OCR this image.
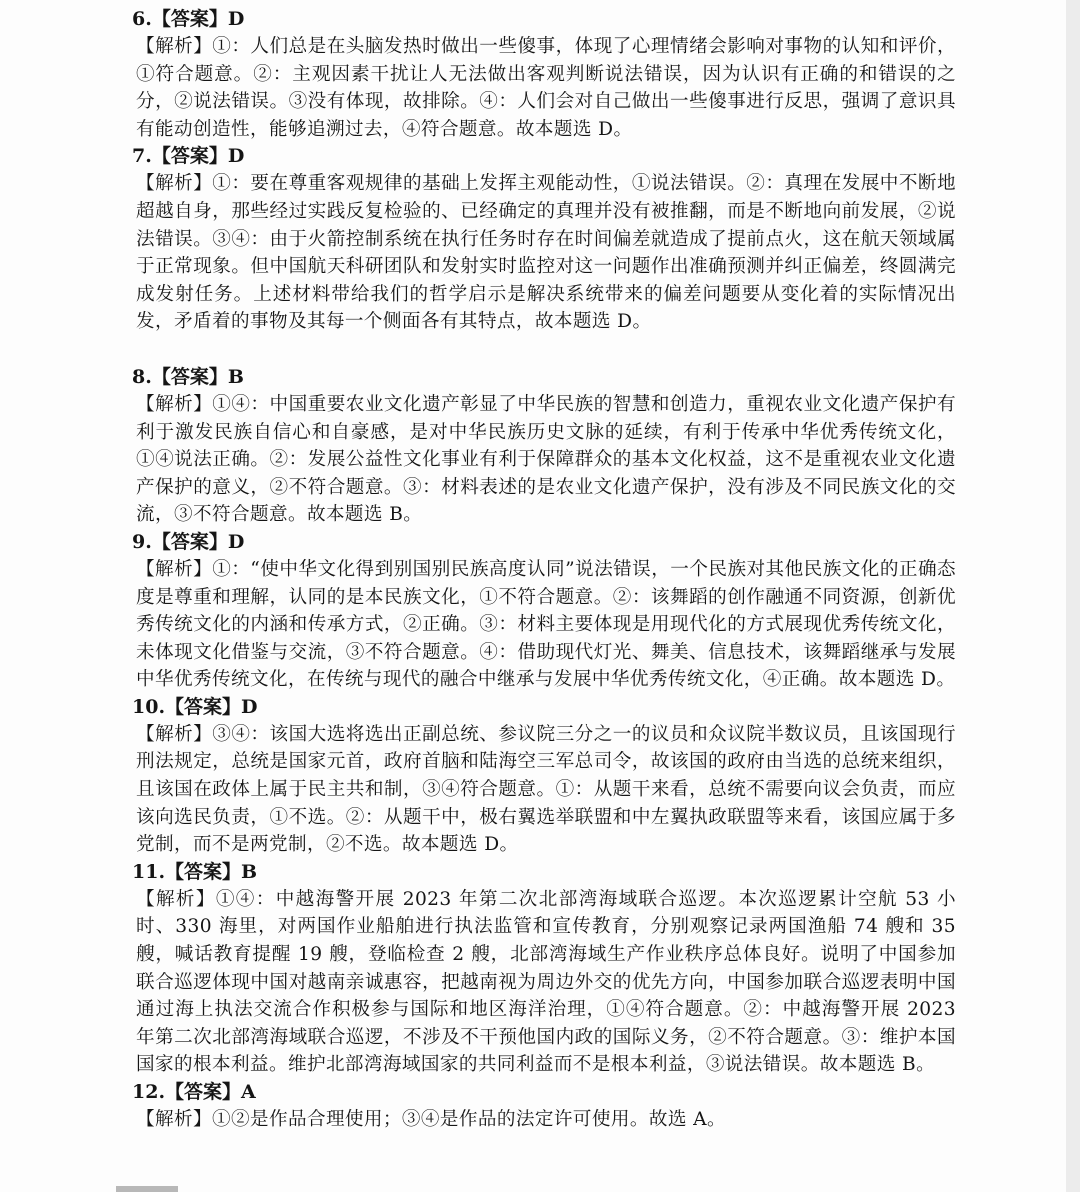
6.【答案】D
【解析】①：人们总是在头脑发热时做出一些傻事，体现了心理情绪会影响对事物的认知和评价，①符合题意。②：主观因素干扰让人无法做出客观判断说法错误，因为认识有正确的和错误的之分，②说法错误。③没有体现，故排除。④：人们会对自己做出一些傻事进行反思，强调了意识具有能动创造性，能够追溯过去，④符合题意。故本题选 D。
7.【答案】D
【解析】①：要在尊重客观规律的基础上发挥主观能动性，①说法错误。②：真理在发展中不断地超越自身，那些经过实践反复检验的、已经确定的真理并没有被推翻，而是不断地向前发展，②说法错误。③④：由于火箭控制系统在执行任务时存在时间偏差就造成了提前点火，这在航天领域属于正常现象。但中国航天科研团队和发射实时监控对这一问题作出准确预测并纠正偏差，终圆满完成发射任务。上述材料带给我们的哲学启示是解决系统带来的偏差问题要从变化着的实际情况出发，矛盾着的事物及其每一个侧面各有其特点，故本题选 D。
8.【答案】B
【解析】①④：中国重要农业文化遗产彰显了中华民族的智慧和创造力，重视农业文化遗产保护有利于激发民族自信心和自豪感，是对中华民族历史文脉的延续，有利于传承中华优秀传统文化，①④说法正确。②：发展公益性文化事业有利于保障群众的基本文化权益，这不是重视农业文化遗产保护的意义，②不符合题意。③：材料表述的是农业文化遗产保护，没有涉及不同民族文化的交流，③不符合题意。故本题选 B。
9.【答案】D
【解析】①：“使中华文化得到别国别民族高度认同”说法错误，一个民族对其他民族文化的正确态度是尊重和理解，认同的是本民族文化，①不符合题意。②：该舞蹈的创作融通不同资源，创新优秀传统文化的内涵和传承方式，②正确。③：材料主要体现是用现代化的方式展现优秀传统文化，未体现文化借鉴与交流，③不符合题意。④：借助现代灯光、舞美、信息技术，该舞蹈继承与发展中华优秀传统文化，在传统与现代的融合中继承与发展中华优秀传统文化，④正确。故本题选 D。
10.【答案】D
【解析】③④：该国大选将选出正副总统、参议院三分之一的议员和众议院半数议员，且该国现行刑法规定，总统是国家元首，政府首脑和陆海空三军总司令，故该国的政府由当选的总统来组织，且该国在政体上属于民主共和制，③④符合题意。①：从题干来看，总统不需要向议会负责，而应该向选民负责，①不选。②：从题干中，极右翼选举联盟和中左翼执政联盟等来看，该国应属于多党制，而不是两党制，②不选。故本题选 D。
11.【答案】B
【解析】①④：中越海警开展 2023 年第二次北部湾海域联合巡逻。本次巡逻累计空航 53 小时、330 海里，对两国作业船舶进行执法监管和宣传教育，分别观察记录两国渔船 74 艘和 35 艘，喊话教育提醒 19 艘，登临检查 2 艘，北部湾海域生产作业秩序总体良好。说明了中国参加联合巡逻体现中国对越南亲诚惠容，把越南视为周边外交的优先方向，中国参加联合巡逻表明中国通过海上执法交流合作积极参与国际和地区海洋治理，①④符合题意。②：中越海警开展 2023 年第二次北部湾海域联合巡逻，不涉及不干预他国内政的国际义务，②不符合题意。③：维护本国国家的根本利益。维护北部湾海域国家的共同利益而不是根本利益，③说法错误。故本题选 B。
12.【答案】A
【解析】①②是作品合理使用；③④是作品的法定许可使用。故选 A。
